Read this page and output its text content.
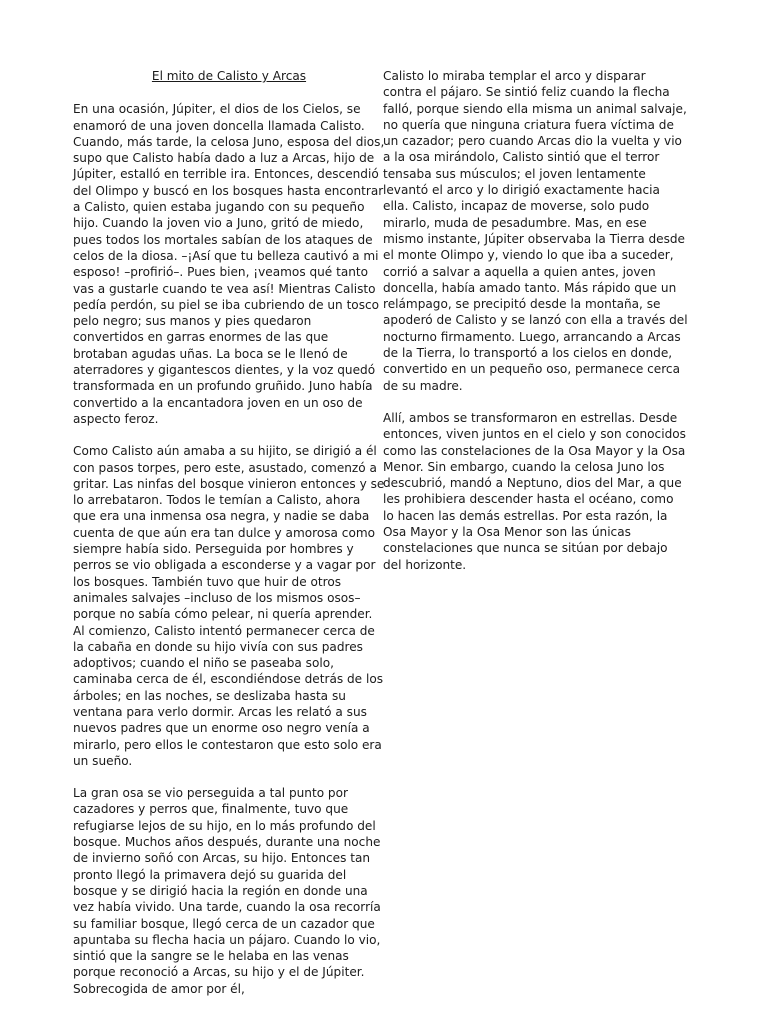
El mito de Calisto y Arcas

En una ocasión, Júpiter, el dios de los Cielos, se enamoró de una joven doncella llamada Calisto. Cuando, más tarde, la celosa Juno, esposa del dios, supo que Calisto había dado a luz a Arcas, hijo de Júpiter, estalló en terrible ira. Entonces, descendió del Olimpo y buscó en los bosques hasta encontrar a Calisto, quien estaba jugando con su pequeño hijo. Cuando la joven vio a Juno, gritó de miedo, pues todos los mortales sabían de los ataques de celos de la diosa. –¡Así que tu belleza cautivó a mi esposo! –profirió–. Pues bien, ¡veamos qué tanto vas a gustarle cuando te vea así! Mientras Calisto pedía perdón, su piel se iba cubriendo de un tosco pelo negro; sus manos y pies quedaron convertidos en garras enormes de las que brotaban agudas uñas. La boca se le llenó de aterradores y gigantescos dientes, y la voz quedó transformada en un profundo gruñido. Juno había convertido a la encantadora joven en un oso de aspecto feroz.

Como Calisto aún amaba a su hijito, se dirigió a él con pasos torpes, pero este, asustado, comenzó a gritar. Las ninfas del bosque vinieron entonces y se lo arrebataron. Todos le temían a Calisto, ahora que era una inmensa osa negra, y nadie se daba cuenta de que aún era tan dulce y amorosa como siempre había sido. Perseguida por hombres y perros se vio obligada a esconderse y a vagar por los bosques. También tuvo que huir de otros animales salvajes –incluso de los mismos osos– porque no sabía cómo pelear, ni quería aprender. Al comienzo, Calisto intentó permanecer cerca de la cabaña en donde su hijo vivía con sus padres adoptivos; cuando el niño se paseaba solo, caminaba cerca de él, escondiéndose detrás de los árboles; en las noches, se deslizaba hasta su ventana para verlo dormir. Arcas les relató a sus nuevos padres que un enorme oso negro venía a mirarlo, pero ellos le contestaron que esto solo era un sueño.

La gran osa se vio perseguida a tal punto por cazadores y perros que, finalmente, tuvo que refugiarse lejos de su hijo, en lo más profundo del bosque. Muchos años después, durante una noche de invierno soñó con Arcas, su hijo. Entonces tan pronto llegó la primavera dejó su guarida del bosque y se dirigió hacia la región en donde una vez había vivido. Una tarde, cuando la osa recorría su familiar bosque, llegó cerca de un cazador que apuntaba su flecha hacia un pájaro. Cuando lo vio, sintió que la sangre se le helaba en las venas porque reconoció a Arcas, su hijo y el de Júpiter. Sobrecogida de amor por él,

Calisto lo miraba templar el arco y disparar contra el pájaro. Se sintió feliz cuando la flecha falló, porque siendo ella misma un animal salvaje, no quería que ninguna criatura fuera víctima de un cazador; pero cuando Arcas dio la vuelta y vio a la osa mirándolo, Calisto sintió que el terror tensaba sus músculos; el joven lentamente levantó el arco y lo dirigió exactamente hacia ella. Calisto, incapaz de moverse, solo pudo mirarlo, muda de pesadumbre. Mas, en ese mismo instante, Júpiter observaba la Tierra desde el monte Olimpo y, viendo lo que iba a suceder, corrió a salvar a aquella a quien antes, joven doncella, había amado tanto. Más rápido que un relámpago, se precipitó desde la montaña, se apoderó de Calisto y se lanzó con ella a través del nocturno firmamento. Luego, arrancando a Arcas de la Tierra, lo transportó a los cielos en donde, convertido en un pequeño oso, permanece cerca de su madre.

Allí, ambos se transformaron en estrellas. Desde entonces, viven juntos en el cielo y son conocidos como las constelaciones de la Osa Mayor y la Osa Menor. Sin embargo, cuando la celosa Juno los descubrió, mandó a Neptuno, dios del Mar, a que les prohibiera descender hasta el océano, como lo hacen las demás estrellas. Por esta razón, la Osa Mayor y la Osa Menor son las únicas constelaciones que nunca se sitúan por debajo del horizonte.
